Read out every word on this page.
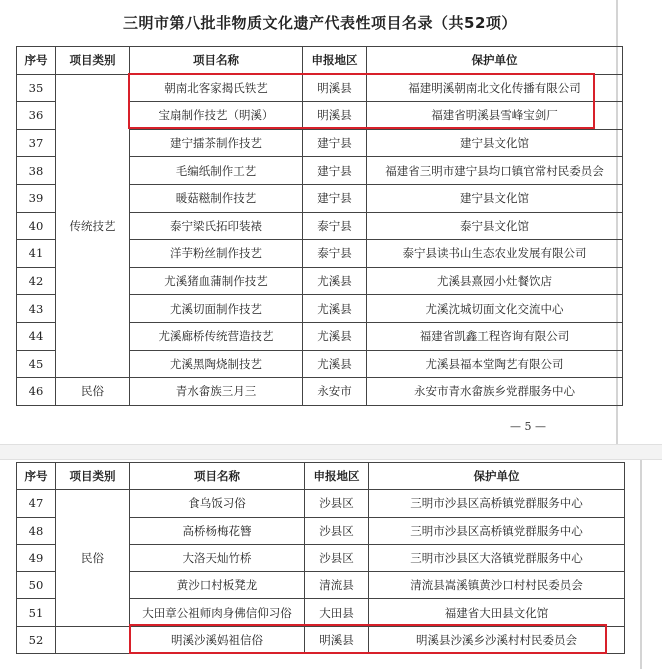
三明市第八批非物质文化遗产代表性项目名录（共52项）
序号	项目类别	项目名称	申报地区	保护单位
35	传统技艺	朝南北客家揭氏铁艺	明溪县	福建明溪朝南北文化传播有限公司
36		宝扇制作技艺（明溪）	明溪县	福建省明溪县雪峰宝剑厂
37		建宁擂茶制作技艺	建宁县	建宁县文化馆
38		毛编纸制作工艺	建宁县	福建省三明市建宁县均口镇官常村民委员会
39		暖菇糍制作技艺	建宁县	建宁县文化馆
40		泰宁梁氏拓印装裱	泰宁县	泰宁县文化馆
41		洋芋粉丝制作技艺	泰宁县	泰宁县读书山生态农业发展有限公司
42		尤溪猪血蒲制作技艺	尤溪县	尤溪县熹园小灶餐饮店
43		尤溪切面制作技艺	尤溪县	尤溪沈城切面文化交流中心
44		尤溪廊桥传统营造技艺	尤溪县	福建省凯鑫工程咨询有限公司
45		尤溪黑陶烧制技艺	尤溪县	尤溪县福本堂陶艺有限公司
46	民俗	青水畲族三月三	永安市	永安市青水畲族乡党群服务中心
— 5 —
序号	项目类别	项目名称	申报地区	保护单位
47	民俗	食乌饭习俗	沙县区	三明市沙县区高桥镇党群服务中心
48		高桥杨梅花簪	沙县区	三明市沙县区高桥镇党群服务中心
49		大洛天灿竹桥	沙县区	三明市沙县区大洛镇党群服务中心
50		黄沙口村板凳龙	清流县	清流县嵩溪镇黄沙口村村民委员会
51		大田章公祖师肉身佛信仰习俗	大田县	福建省大田县文化馆
52		明溪沙溪妈祖信俗	明溪县	明溪县沙溪乡沙溪村村民委员会
